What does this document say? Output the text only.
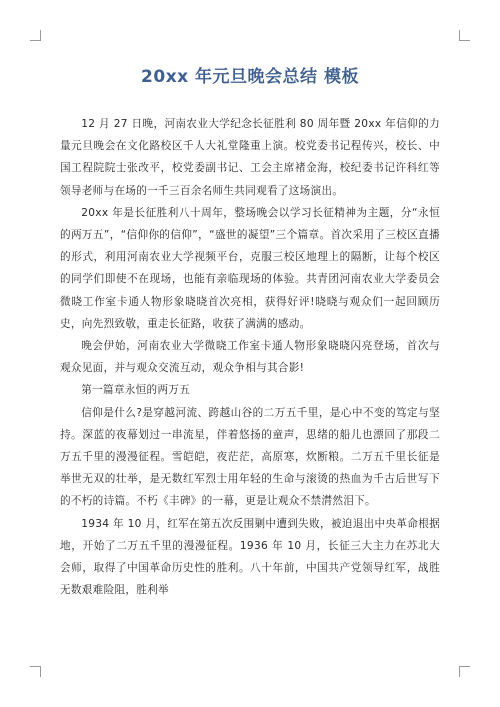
20xx 年元旦晚会总结 模板

12 月 27 日晚，河南农业大学纪念长征胜利 80 周年暨 20xx 年信仰的力量元旦晚会在文化路校区千人大礼堂隆重上演。校党委书记程传兴，校长、中国工程院院士张改平，校党委副书记、工会主席褚金海，校纪委书记许科红等领导老师与在场的一千三百余名师生共同观看了这场演出。

20xx 年是长征胜利八十周年，整场晚会以学习长征精神为主题，分“永恒的两万五”，“信仰你的信仰”，“盛世的凝望”三个篇章。首次采用了三校区直播的形式，利用河南农业大学视频平台，克服三校区地理上的隔断，让每个校区的同学们即使不在现场，也能有亲临现场的体验。共青团河南农业大学委员会微晓工作室卡通人物形象晓晓首次亮相，获得好评!晓晓与观众们一起回顾历史，向先烈致敬，重走长征路，收获了满满的感动。

晚会伊始，河南农业大学微晓工作室卡通人物形象晓晓闪亮登场，首次与观众见面，并与观众交流互动，观众争相与其合影!

第一篇章永恒的两万五

信仰是什么?是穿越河流、跨越山谷的二万五千里，是心中不变的笃定与坚持。深蓝的夜幕划过一串流星，伴着悠扬的童声，思绪的船儿也漂回了那段二万五千里的漫漫征程。雪皑皑，夜茫茫，高原寒，炊断粮。二万五千里长征是举世无双的壮举，是无数红军烈士用年轻的生命与滚烫的热血为千古后世写下的不朽的诗篇。不朽《丰碑》的一幕，更是让观众不禁潸然泪下。

1934 年 10 月，红军在第五次反围剿中遭到失败，被迫退出中央革命根据地，开始了二万五千里的漫漫征程。1936 年 10 月，长征三大主力在苏北大会师，取得了中国革命历史性的胜利。八十年前，中国共产党领导红军，战胜无数艰难险阻，胜利举
